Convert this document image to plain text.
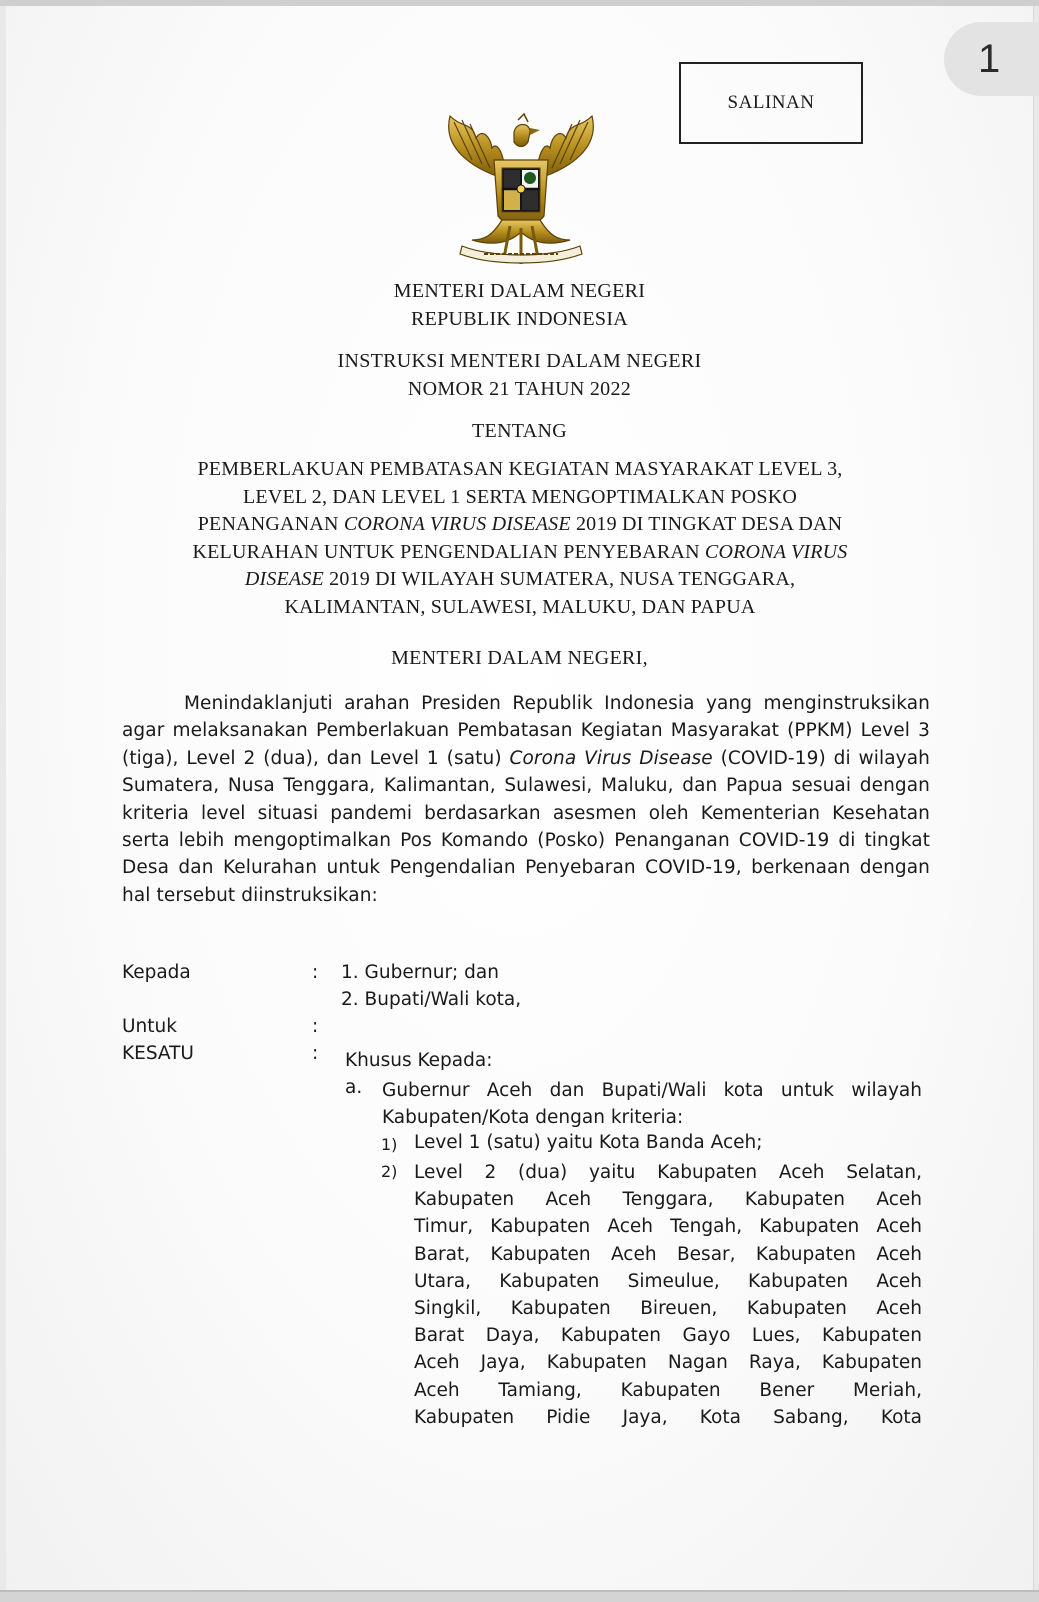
1
SALINAN
MENTERI DALAM NEGERI
REPUBLIK INDONESIA
INSTRUKSI MENTERI DALAM NEGERI
NOMOR 21 TAHUN 2022
TENTANG
PEMBERLAKUAN PEMBATASAN KEGIATAN MASYARAKAT LEVEL 3,
LEVEL 2, DAN LEVEL 1 SERTA MENGOPTIMALKAN POSKO
PENANGANAN CORONA VIRUS DISEASE 2019 DI TINGKAT DESA DAN
KELURAHAN UNTUK PENGENDALIAN PENYEBARAN CORONA VIRUS
DISEASE 2019 DI WILAYAH SUMATERA, NUSA TENGGARA,
KALIMANTAN, SULAWESI, MALUKU, DAN PAPUA
MENTERI DALAM NEGERI,
Menindaklanjuti arahan Presiden Republik Indonesia yang menginstruksikan agar melaksanakan Pemberlakuan Pembatasan Kegiatan Masyarakat (PPKM) Level 3 (tiga), Level 2 (dua), dan Level 1 (satu) Corona Virus Disease (COVID-19) di wilayah Sumatera, Nusa Tenggara, Kalimantan, Sulawesi, Maluku, dan Papua sesuai dengan kriteria level situasi pandemi berdasarkan asesmen oleh Kementerian Kesehatan serta lebih mengoptimalkan Pos Komando (Posko) Penanganan COVID-19 di tingkat Desa dan Kelurahan untuk Pengendalian Penyebaran COVID-19, berkenaan dengan hal tersebut diinstruksikan:
Kepada	: 1. Gubernur; dan
2. Bupati/Wali kota,
Untuk	:
KESATU	: Khusus Kepada:
a. Gubernur Aceh dan Bupati/Wali kota untuk wilayah
Kabupaten/Kota dengan kriteria:
1) Level 1 (satu) yaitu Kota Banda Aceh;
2) Level 2 (dua) yaitu Kabupaten Aceh Selatan,
Kabupaten Aceh Tenggara, Kabupaten Aceh
Timur, Kabupaten Aceh Tengah, Kabupaten Aceh
Barat, Kabupaten Aceh Besar, Kabupaten Aceh
Utara, Kabupaten Simeulue, Kabupaten Aceh
Singkil, Kabupaten Bireuen, Kabupaten Aceh
Barat Daya, Kabupaten Gayo Lues, Kabupaten
Aceh Jaya, Kabupaten Nagan Raya, Kabupaten
Aceh Tamiang, Kabupaten Bener Meriah,
Kabupaten Pidie Jaya, Kota Sabang, Kota
